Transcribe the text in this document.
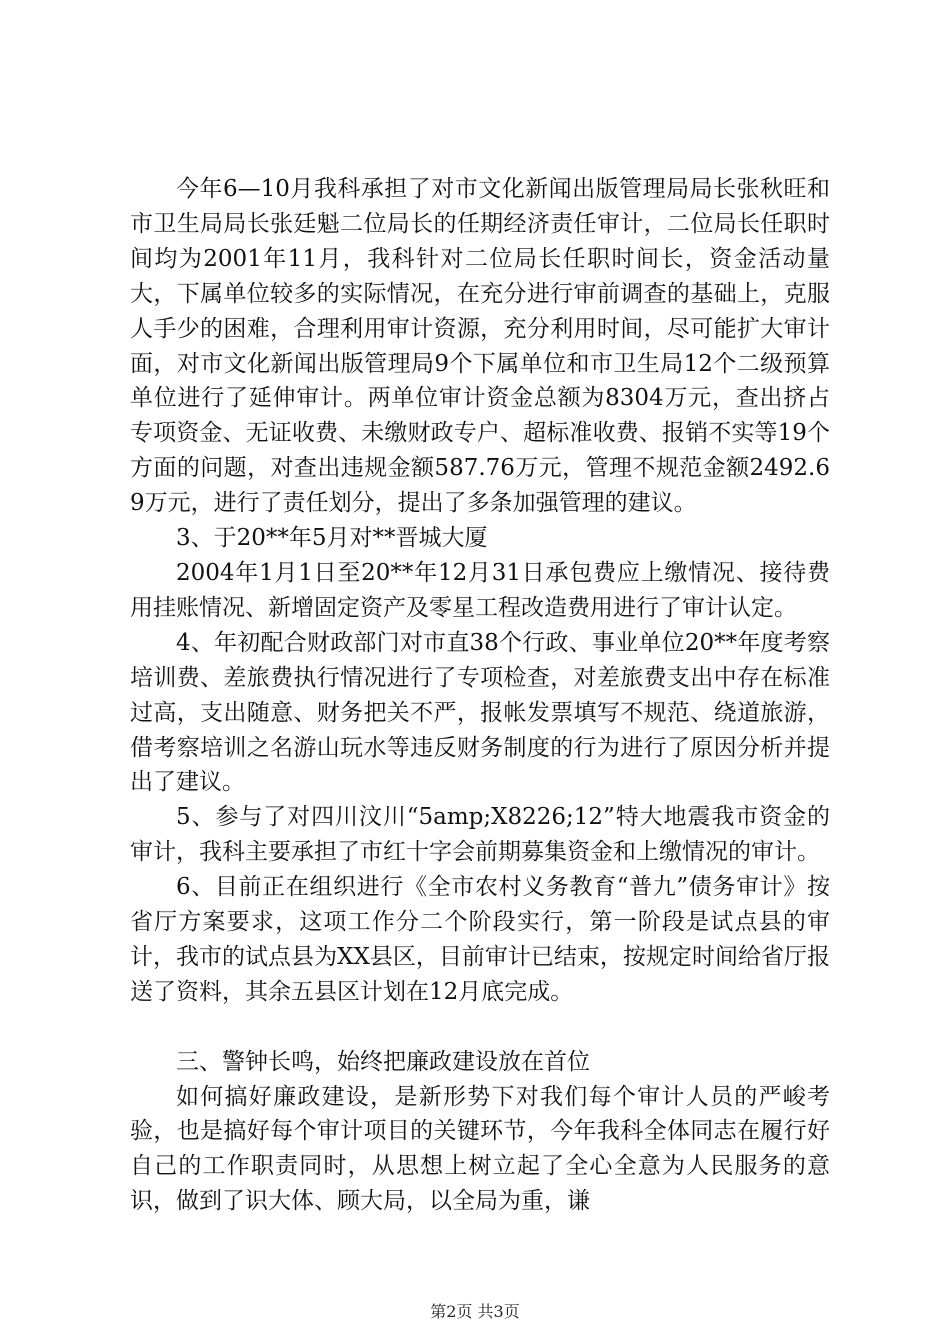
今年6—10月我科承担了对市文化新闻出版管理局局长张秋旺和市卫生局局长张廷魁二位局长的任期经济责任审计，二位局长任职时间均为2001年11月，我科针对二位局长任职时间长，资金活动量大，下属单位较多的实际情况，在充分进行审前调查的基础上，克服人手少的困难，合理利用审计资源，充分利用时间，尽可能扩大审计面，对市文化新闻出版管理局9个下属单位和市卫生局12个二级预算单位进行了延伸审计。两单位审计资金总额为8304万元，查出挤占专项资金、无证收费、未缴财政专户、超标准收费、报销不实等19个方面的问题，对查出违规金额587.76万元，管理不规范金额2492.69万元，进行了责任划分，提出了多条加强管理的建议。

3、于20**年5月对**晋城大厦

2004年1月1日至20**年12月31日承包费应上缴情况、接待费用挂账情况、新增固定资产及零星工程改造费用进行了审计认定。

4、年初配合财政部门对市直38个行政、事业单位20**年度考察培训费、差旅费执行情况进行了专项检查，对差旅费支出中存在标准过高，支出随意、财务把关不严，报帐发票填写不规范、绕道旅游，借考察培训之名游山玩水等违反财务制度的行为进行了原因分析并提出了建议。

5、参与了对四川汶川“5amp;X8226;12”特大地震我市资金的审计，我科主要承担了市红十字会前期募集资金和上缴情况的审计。

6、目前正在组织进行《全市农村义务教育“普九”债务审计》按省厅方案要求，这项工作分二个阶段实行，第一阶段是试点县的审计，我市的试点县为XX县区，目前审计已结束，按规定时间给省厅报送了资料，其余五县区计划在12月底完成。

三、警钟长鸣，始终把廉政建设放在首位

如何搞好廉政建设，是新形势下对我们每个审计人员的严峻考验，也是搞好每个审计项目的关键环节，今年我科全体同志在履行好自己的工作职责同时，从思想上树立起了全心全意为人民服务的意识，做到了识大体、顾大局，以全局为重，谦

第2页 共3页
